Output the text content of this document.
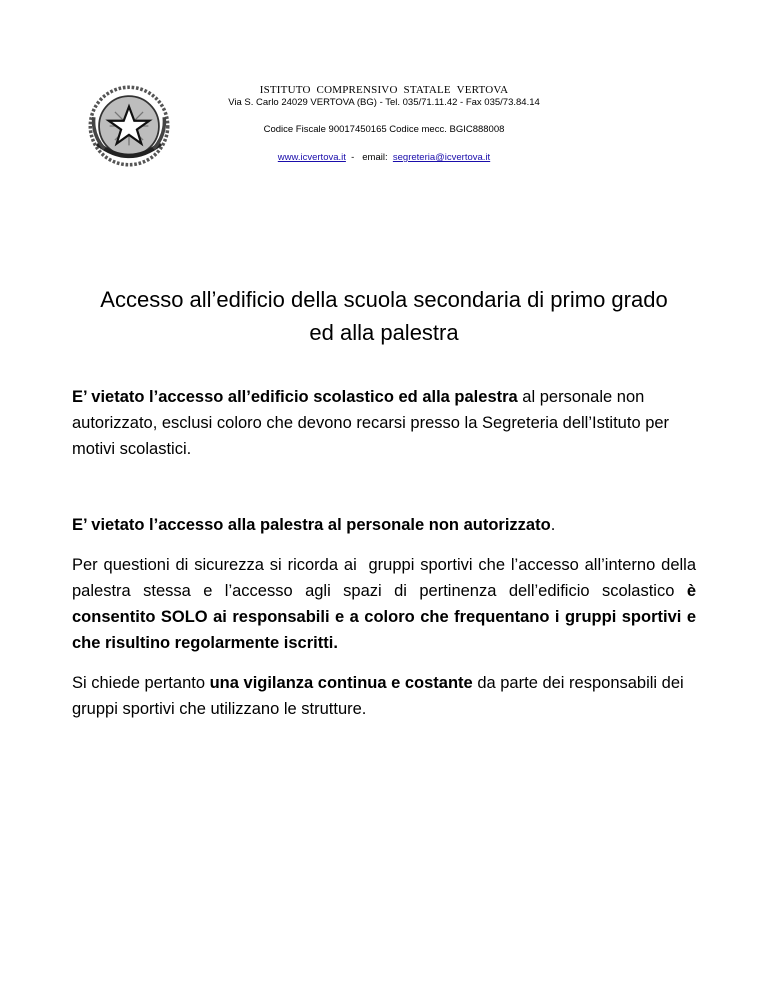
ISTITUTO COMPRENSIVO STATALE VERTOVA
Via S. Carlo 24029 VERTOVA (BG) - Tel. 035/71.11.42 - Fax 035/73.84.14
Codice Fiscale 90017450165 Codice mecc. BGIC888008
www.icvertova.it  -   email:  segreteria@icvertova.it
Accesso all’edificio della scuola secondaria di primo grado
ed alla palestra

E’ vietato l’accesso all’edificio scolastico ed alla palestra al personale non autorizzato, esclusi coloro che devono recarsi presso la Segreteria dell’Istituto per motivi scolastici.

E’ vietato l’accesso alla palestra al personale non autorizzato.

Per questioni di sicurezza si ricorda ai  gruppi sportivi che l’accesso all’interno della palestra stessa e l’accesso agli spazi di pertinenza dell’edificio scolastico è consentito SOLO ai responsabili e a coloro che frequentano i gruppi sportivi e che risultino regolarmente iscritti.

Si chiede pertanto una vigilanza continua e costante da parte dei responsabili dei gruppi sportivi che utilizzano le strutture.
